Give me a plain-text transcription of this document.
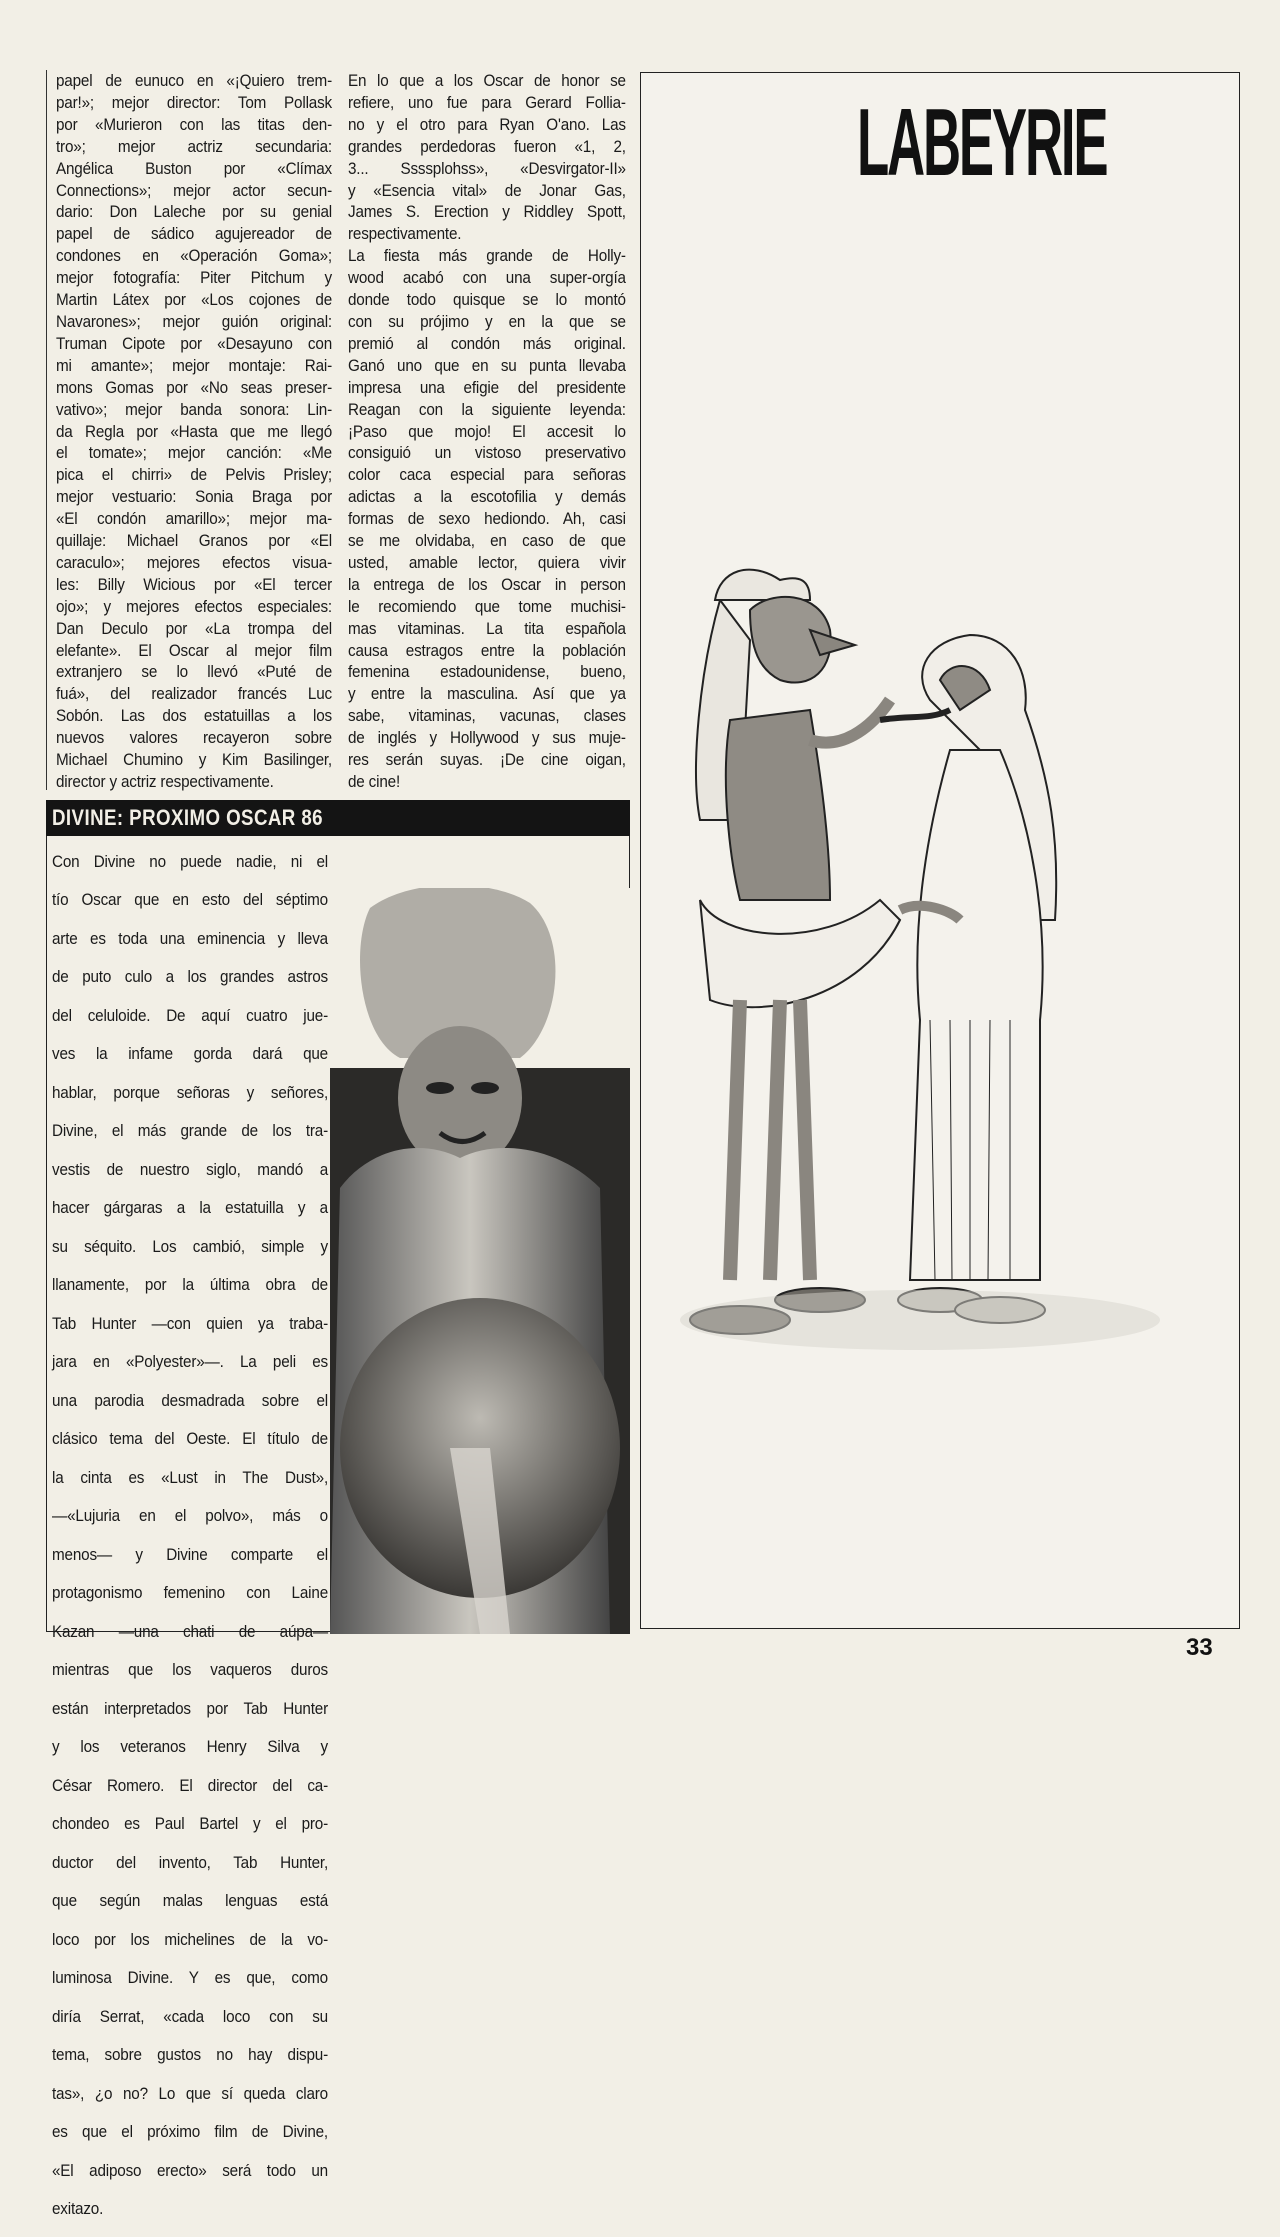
papel de eunuco en «¡Quiero trem-

par!»; mejor director: Tom Pollask

por «Murieron con las titas den-

tro»; mejor actriz secundaria:

Angélica Buston por «Clímax

Connections»; mejor actor secun-

dario: Don Laleche por su genial

papel de sádico agujereador de

condones en «Operación Goma»;

mejor fotografía: Piter Pitchum y

Martin Látex por «Los cojones de

Navarones»; mejor guión original:

Truman Cipote por «Desayuno con

mi amante»; mejor montaje: Rai-

mons Gomas por «No seas preser-

vativo»; mejor banda sonora: Lin-

da Regla por «Hasta que me llegó

el tomate»; mejor canción: «Me

pica el chirri» de Pelvis Prisley;

mejor vestuario: Sonia Braga por

«El condón amarillo»; mejor ma-

quillaje: Michael Granos por «El

caraculo»; mejores efectos visua-

les: Billy Wicious por «El tercer

ojo»; y mejores efectos especiales:

Dan Deculo por «La trompa del

elefante». El Oscar al mejor film

extranjero se lo llevó «Puté de

fuá», del realizador francés Luc

Sobón. Las dos estatuillas a los

nuevos valores recayeron sobre

Michael Chumino y Kim Basilinger,

director y actriz respectivamente.

En lo que a los Oscar de honor se

refiere, uno fue para Gerard Follia-

no y el otro para Ryan O'ano. Las

grandes perdedoras fueron «1, 2,

3... Ssssplohss», «Desvirgator-II»

y «Esencia vital» de Jonar Gas,

James S. Erection y Riddley Spott,

respectivamente.

La fiesta más grande de Holly-

wood acabó con una super-orgía

donde todo quisque se lo montó

con su prójimo y en la que se

premió al condón más original.

Ganó uno que en su punta llevaba

impresa una efigie del presidente

Reagan con la siguiente leyenda:

¡Paso que mojo! El accesit lo

consiguió un vistoso preservativo

color caca especial para señoras

adictas a la escotofilia y demás

formas de sexo hediondo. Ah, casi

se me olvidaba, en caso de que

usted, amable lector, quiera vivir

la entrega de los Oscar in person

le recomiendo que tome muchisi-

mas vitaminas. La tita española

causa estragos entre la población

femenina estadounidense, bueno,

y entre la masculina. Así que ya

sabe, vitaminas, vacunas, clases

de inglés y Hollywood y sus muje-

res serán suyas. ¡De cine oigan,

de cine!

DIVINE: PROXIMO OSCAR 86

Con Divine no puede nadie, ni el

tío Oscar que en esto del séptimo

arte es toda una eminencia y lleva

de puto culo a los grandes astros

del celuloide. De aquí cuatro jue-

ves la infame gorda dará que

hablar, porque señoras y señores,

Divine, el más grande de los tra-

vestis de nuestro siglo, mandó a

hacer gárgaras a la estatuilla y a

su séquito. Los cambió, simple y

llanamente, por la última obra de

Tab Hunter —con quien ya traba-

jara en «Polyester»—. La peli es

una parodia desmadrada sobre el

clásico tema del Oeste. El título de

la cinta es «Lust in The Dust»,

—«Lujuria en el polvo», más o

menos— y Divine comparte el

protagonismo femenino con Laine

Kazan —una chati de aúpa—

mientras que los vaqueros duros

están interpretados por Tab Hunter

y los veteranos Henry Silva y

César Romero. El director del ca-

chondeo es Paul Bartel y el pro-

ductor del invento, Tab Hunter,

que según malas lenguas está

loco por los michelines de la vo-

luminosa Divine. Y es que, como

diría Serrat, «cada loco con su

tema, sobre gustos no hay dispu-

tas», ¿o no? Lo que sí queda claro

es que el próximo film de Divine,

«El adiposo erecto» será todo un

exitazo.

LABEYRIE
33
